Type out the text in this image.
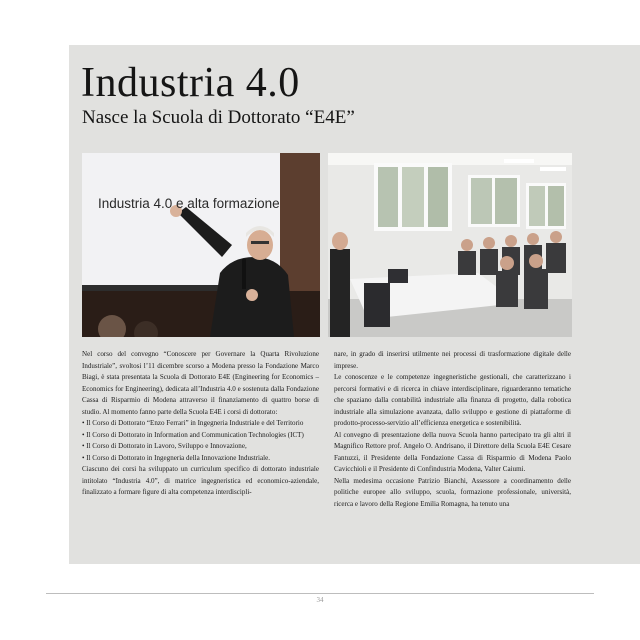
Industria 4.0
Nasce la Scuola di Dottorato “E4E”
Industria 4.0 e alta formazione

Nel corso del convegno “Conoscere per Governare la Quarta Rivoluzione Industriale”, svoltosi l’11 dicembre scorso a Modena presso la Fondazione Marco Biagi, è stata presentata la Scuola di Dottorato E4E (Engineering for Economics – Economics for Engineering), dedicata all’Industria 4.0 e sostenuta dalla Fondazione Cassa di Risparmio di Modena attraverso il finanziamento di quattro borse di studio. Al momento fanno parte della Scuola E4E i corsi di dottorato:

• Il Corso di Dottorato “Enzo Ferrari” in Ingegneria Industriale e del Territorio

• Il Corso di Dottorato in Information and Communication Technologies (ICT)

• Il Corso di Dottorato in Lavoro, Sviluppo e Innovazione,

• Il Corso di Dottorato in Ingegneria della Innovazione Industriale.

Ciascuno dei corsi ha sviluppato un curriculum specifico di dottorato industriale intitolato “Industria 4.0”, di matrice ingegneristica ed economico-aziendale, finalizzato a formare figure di alta competenza interdiscipli-

nare, in grado di inserirsi utilmente nei processi di trasformazione digitale delle imprese.

Le conoscenze e le competenze ingegneristiche gestionali, che caratterizzano i percorsi formativi e di ricerca in chiave interdisciplinare, riguarderanno tematiche che spaziano dalla contabilità industriale alla finanza di progetto, dalla robotica industriale alla simulazione avanzata, dallo sviluppo e gestione di piattaforme di prodotto-processo-servizio all’efficienza energetica e sostenibilità.

Al convegno di presentazione della nuova Scuola hanno partecipato tra gli altri il Magnifico Rettore prof. Angelo O. Andrisano, il Direttore della Scuola E4E Cesare Fantuzzi, il Presidente della Fondazione Cassa di Risparmio di Modena Paolo Cavicchioli e il Presidente di Confindustria Modena, Valter Caiumi.

Nella medesima occasione Patrizio Bianchi, Assessore a coordinamento delle politiche europee allo sviluppo, scuola, formazione professionale, università, ricerca e lavoro della Regione Emilia Romagna, ha tenuto una

34
